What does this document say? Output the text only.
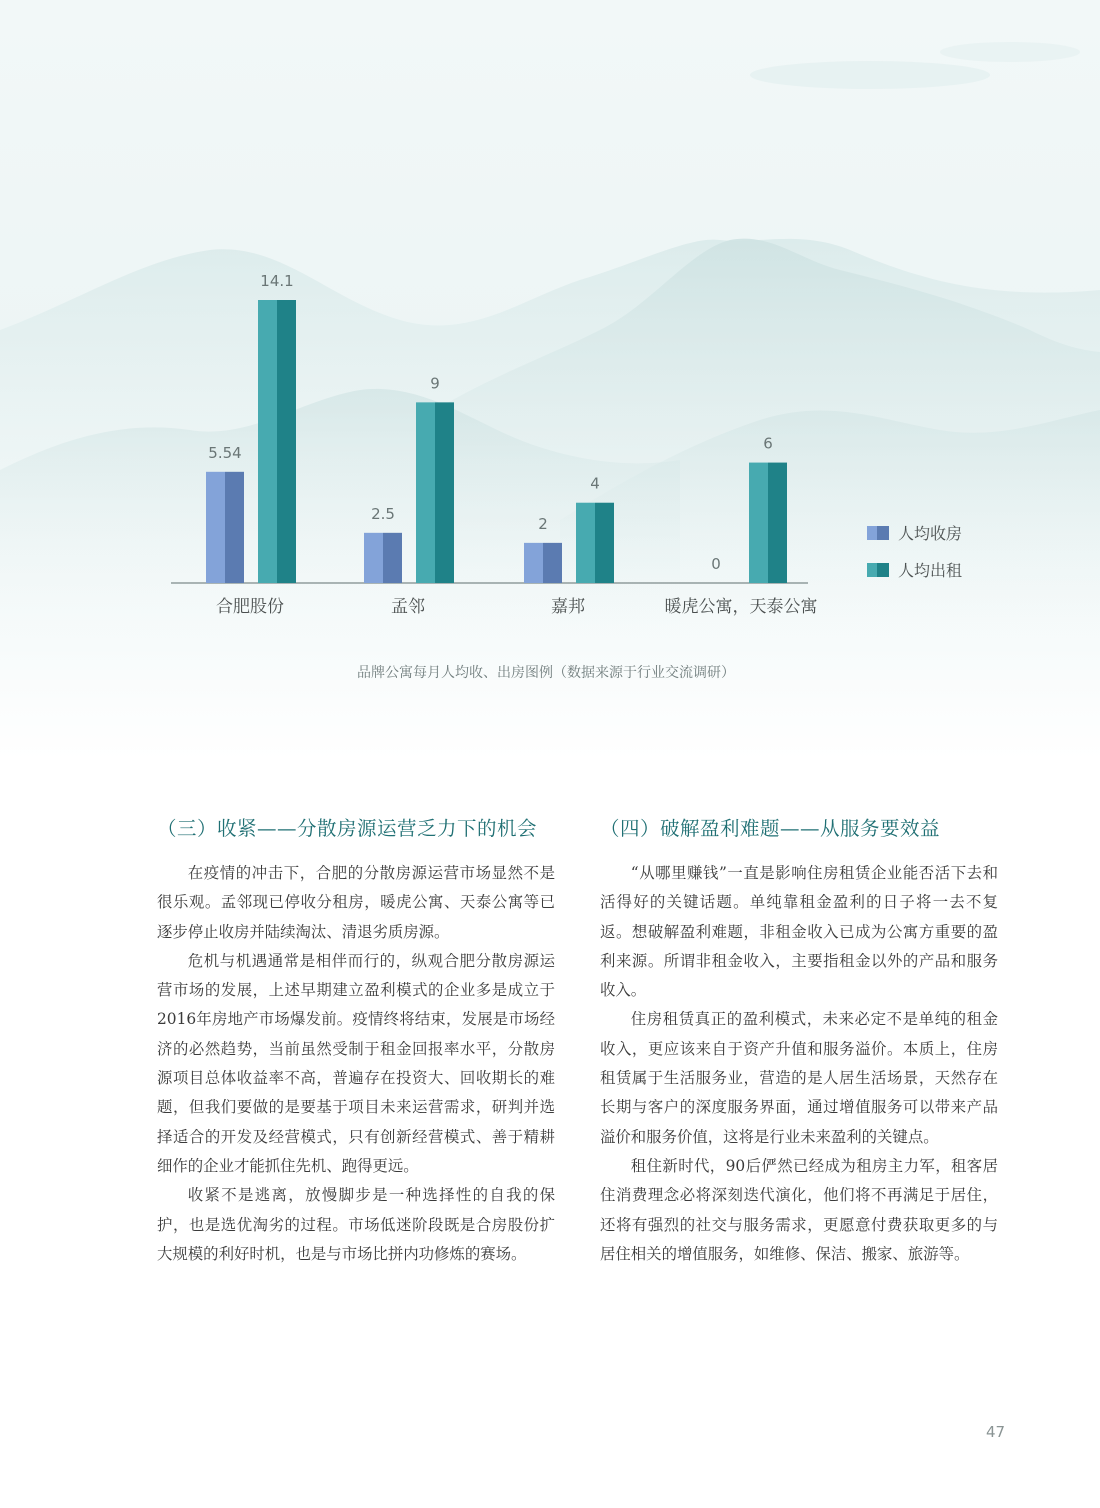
5.54
14.1
合肥股份
2.5
9
孟邻
2
4
嘉邦
0
6
暖虎公寓，天泰公寓
人均收房
人均出租
品牌公寓每月人均收、出房图例（数据来源于行业交流调研）
（三）收紧——分散房源运营乏力下的机会

在疫情的冲击下，合肥的分散房源运营市场显然不是很乐观。孟邻现已停收分租房，暖虎公寓、天泰公寓等已逐步停止收房并陆续淘汰、清退劣质房源。

危机与机遇通常是相伴而行的，纵观合肥分散房源运营市场的发展，上述早期建立盈利模式的企业多是成立于2016年房地产市场爆发前。疫情终将结束，发展是市场经济的必然趋势，当前虽然受制于租金回报率水平，分散房源项目总体收益率不高，普遍存在投资大、回收期长的难题，但我们要做的是要基于项目未来运营需求，研判并选择适合的开发及经营模式，只有创新经营模式、善于精耕细作的企业才能抓住先机、跑得更远。

收紧不是逃离，放慢脚步是一种选择性的自我的保护，也是选优淘劣的过程。市场低迷阶段既是合房股份扩大规模的利好时机，也是与市场比拼内功修炼的赛场。

（四）破解盈利难题——从服务要效益

“从哪里赚钱”一直是影响住房租赁企业能否活下去和活得好的关键话题。单纯靠租金盈利的日子将一去不复返。想破解盈利难题，非租金收入已成为公寓方重要的盈利来源。所谓非租金收入，主要指租金以外的产品和服务收入。

住房租赁真正的盈利模式，未来必定不是单纯的租金收入，更应该来自于资产升值和服务溢价。本质上，住房租赁属于生活服务业，营造的是人居生活场景，天然存在长期与客户的深度服务界面，通过增值服务可以带来产品溢价和服务价值，这将是行业未来盈利的关键点。

租住新时代，90后俨然已经成为租房主力军，租客居住消费理念必将深刻迭代演化，他们将不再满足于居住，还将有强烈的社交与服务需求，更愿意付费获取更多的与居住相关的增值服务，如维修、保洁、搬家、旅游等。

47
